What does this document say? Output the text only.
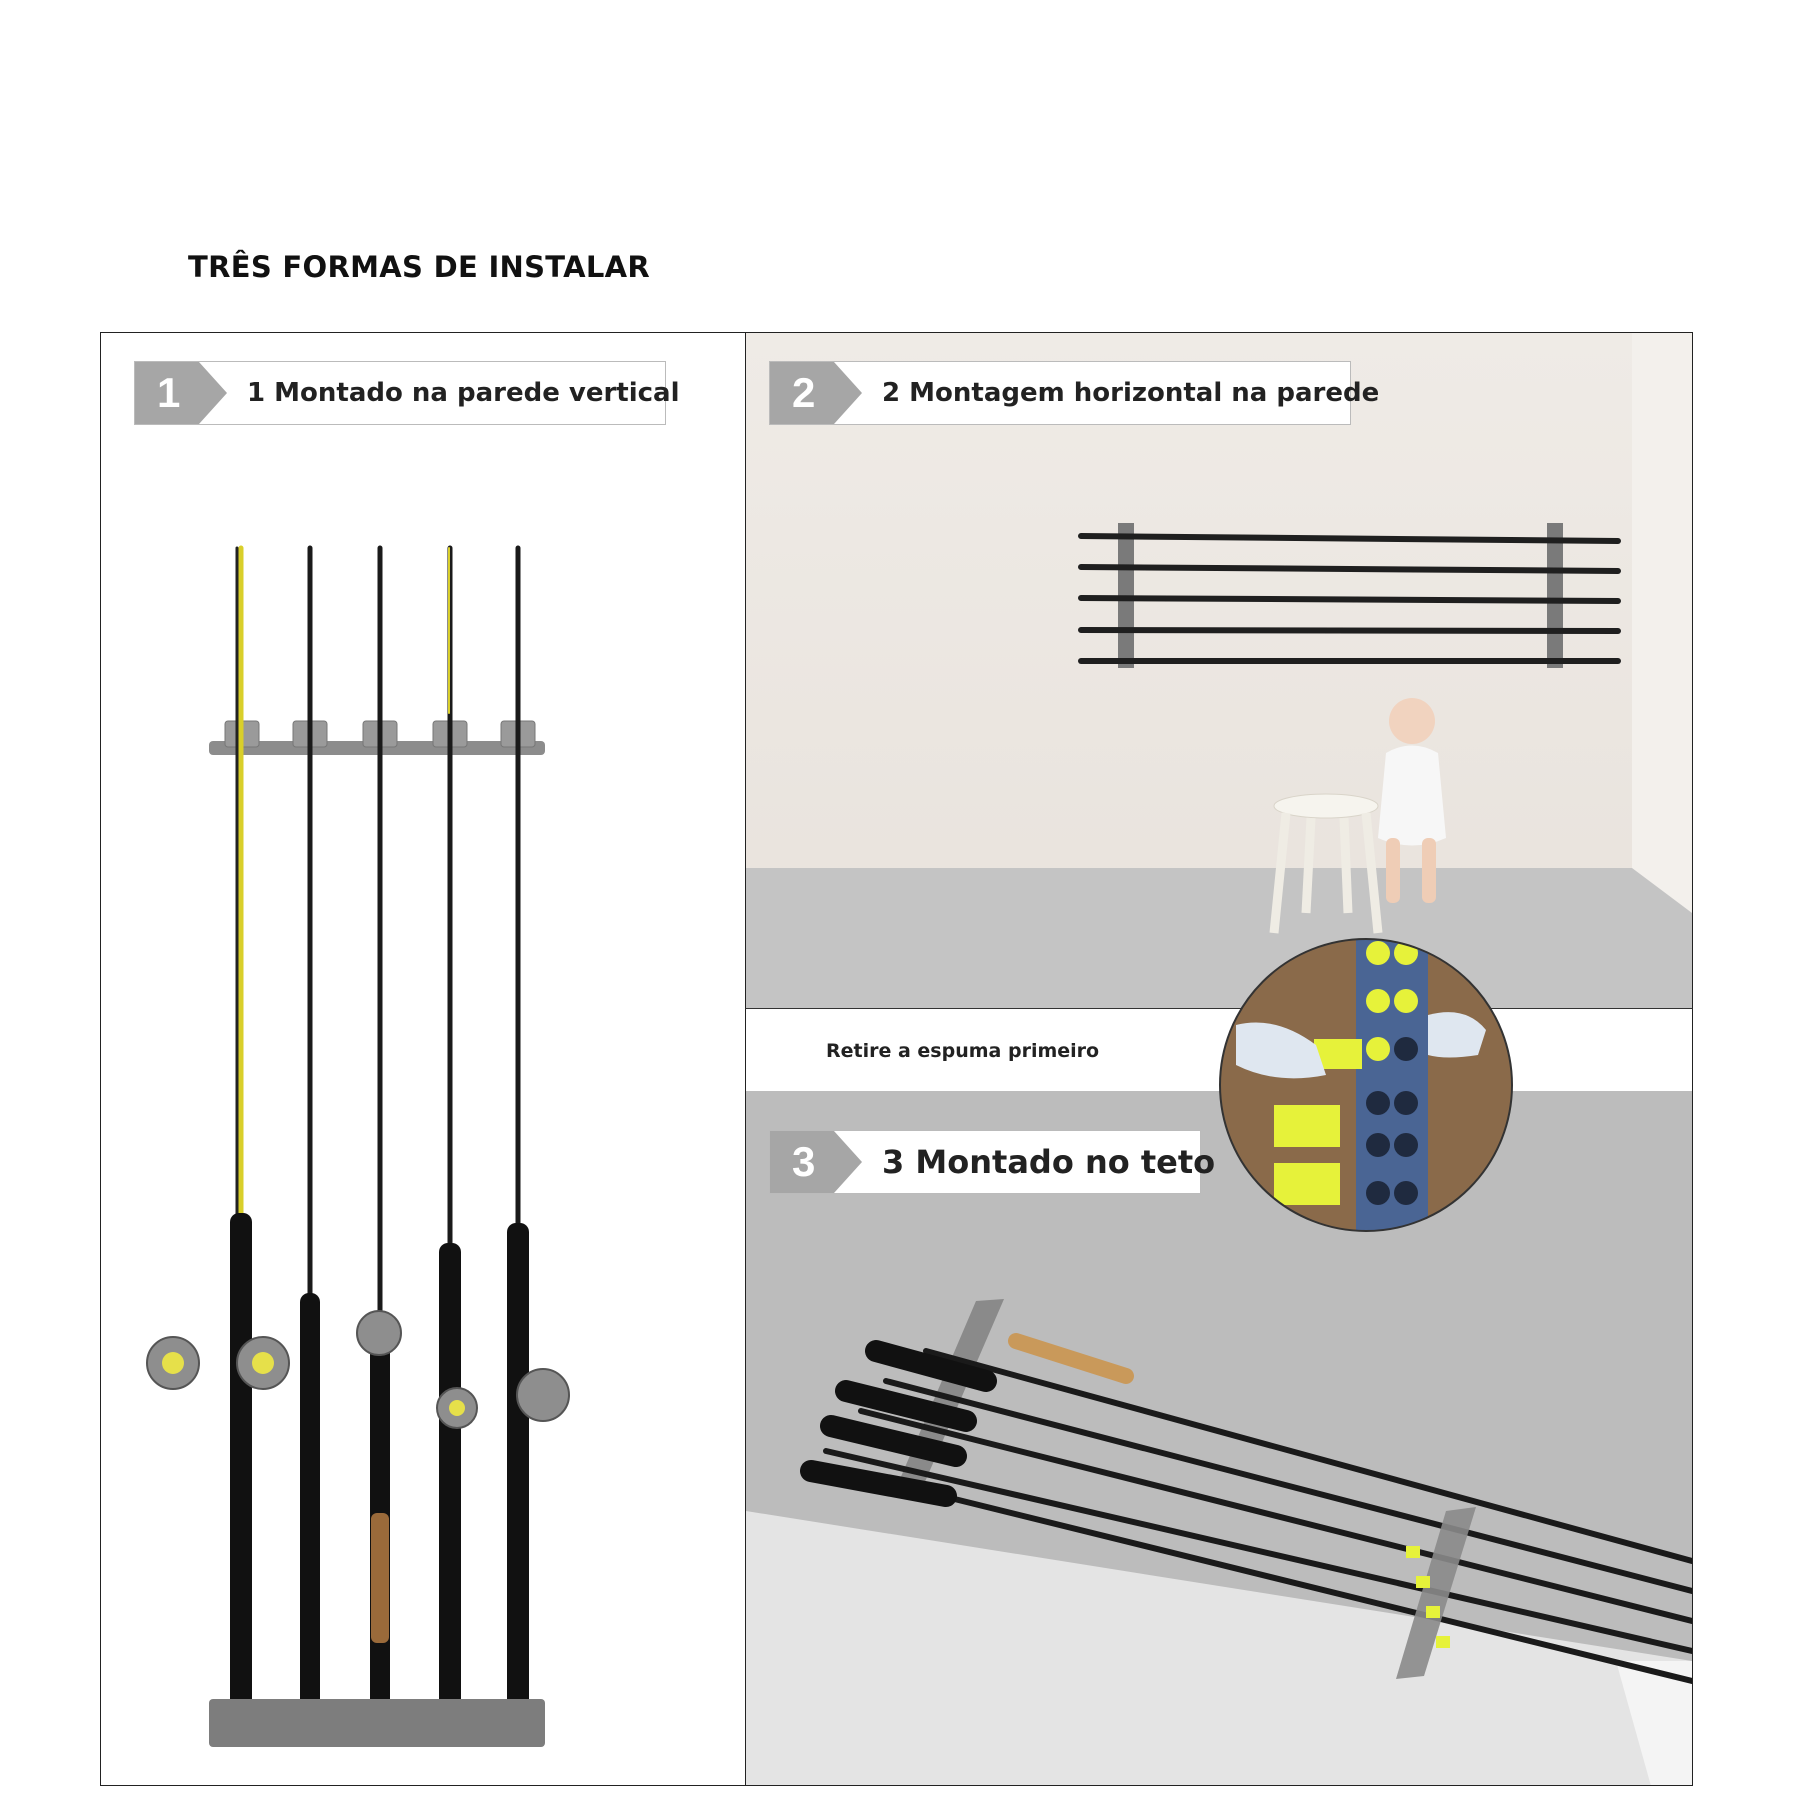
TRÊS FORMAS DE INSTALAR
1	1 Montado na parede vertical	2	2 Montagem horizontal na parede
Retire a espuma primeiro
3 3 Montado no teto
